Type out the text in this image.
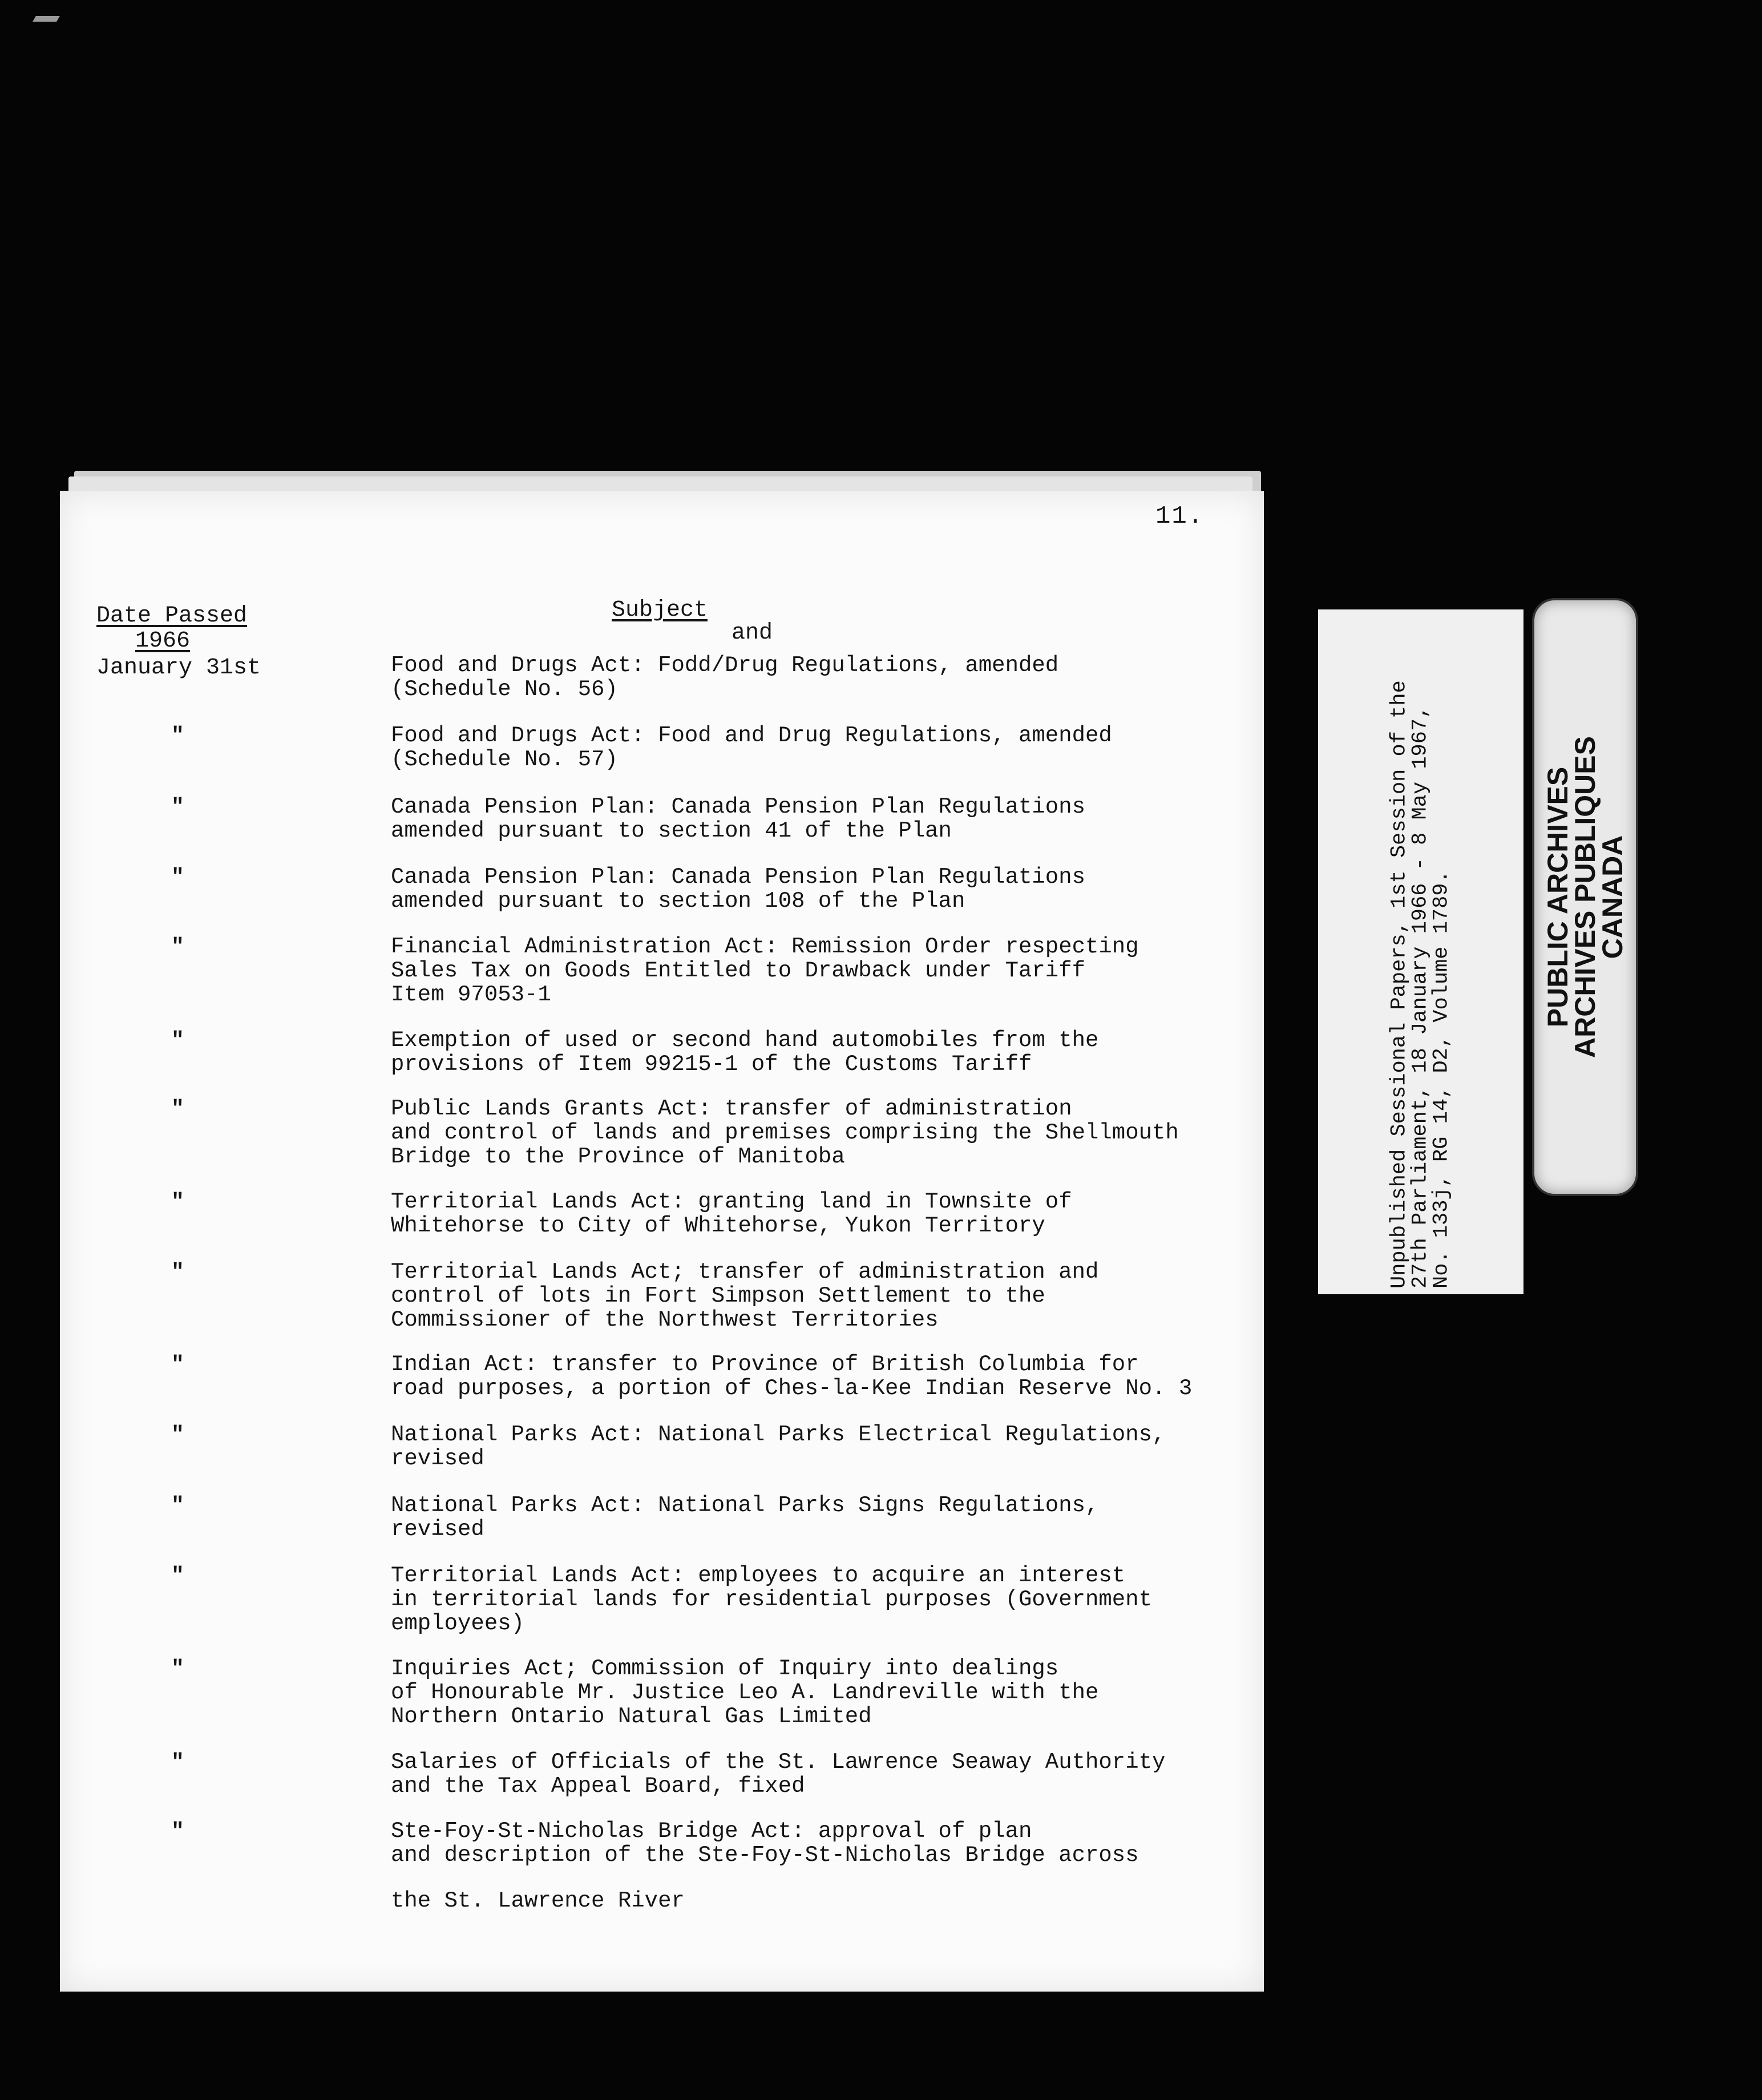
11.
Date Passed
1966
Subject
and
January 31st	Food and Drugs Act: Fodd/Drug Regulations, amended
(Schedule No. 56)
"	Food and Drugs Act: Food and Drug Regulations, amended
(Schedule No. 57)
"	Canada Pension Plan: Canada Pension Plan Regulations
amended pursuant to section 41 of the Plan
"	Canada Pension Plan: Canada Pension Plan Regulations
amended pursuant to section 108 of the Plan
"	Financial Administration Act: Remission Order respecting
Sales Tax on Goods Entitled to Drawback under Tariff
Item 97053-1
"	Exemption of used or second hand automobiles from the
provisions of Item 99215-1 of the Customs Tariff
"	Public Lands Grants Act: transfer of administration
and control of lands and premises comprising the Shellmouth
Bridge to the Province of Manitoba
"	Territorial Lands Act: granting land in Townsite of
Whitehorse to City of Whitehorse, Yukon Territory
"	Territorial Lands Act; transfer of administration and
control of lots in Fort Simpson Settlement to the
Commissioner of the Northwest Territories
"	Indian Act: transfer to Province of British Columbia for
road purposes, a portion of Ches-la-Kee Indian Reserve No. 3
"	National Parks Act: National Parks Electrical Regulations,
revised
"	National Parks Act: National Parks Signs Regulations,
revised
"	Territorial Lands Act: employees to acquire an interest
in territorial lands for residential purposes (Government
employees)
"	Inquiries Act; Commission of Inquiry into dealings
of Honourable Mr. Justice Leo A. Landreville with the
Northern Ontario Natural Gas Limited
"	Salaries of Officials of the St. Lawrence Seaway Authority
and the Tax Appeal Board, fixed
"	Ste-Foy-St-Nicholas Bridge Act: approval of plan
and description of the Ste-Foy-St-Nicholas Bridge across
the St. Lawrence River
Unpublished Sessional Papers, 1st Session of the
27th Parliament, 18 January 1966 - 8 May 1967,
No. 133j, RG 14, D2, Volume 1789.
PUBLIC ARCHIVES
ARCHIVES PUBLIQUES
CANADA
